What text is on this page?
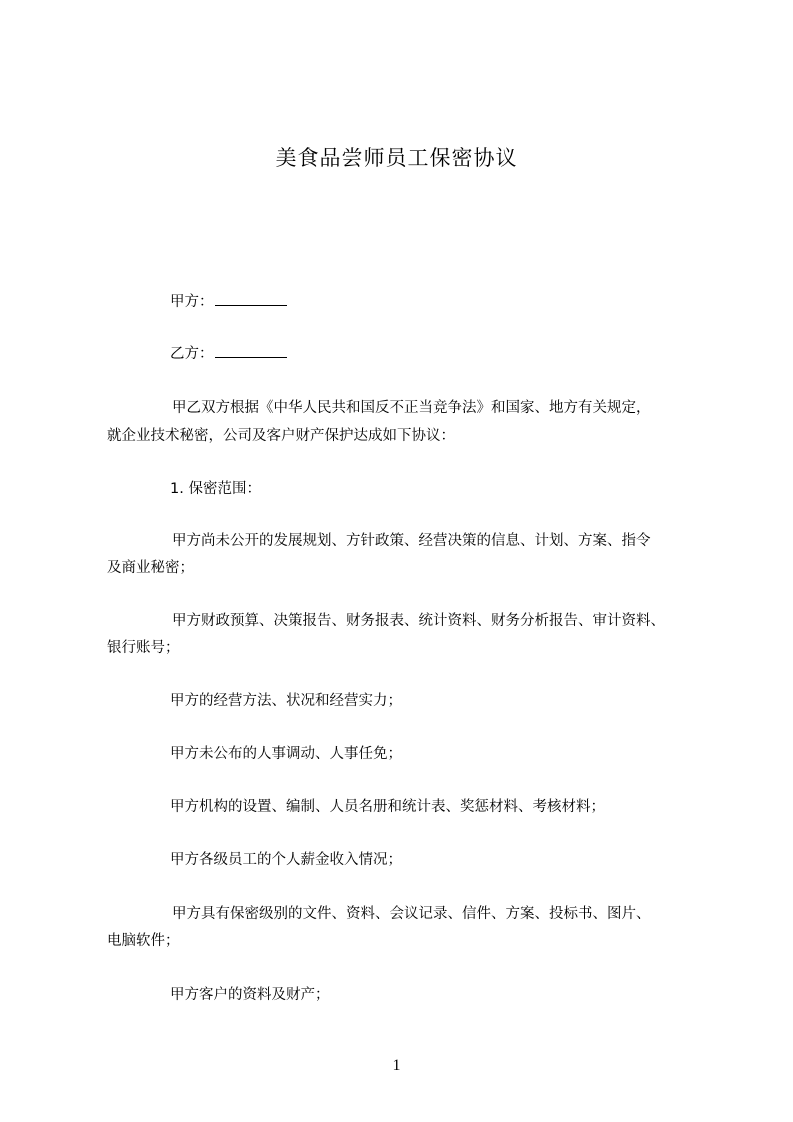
美食品尝师员工保密协议
甲方：
乙方：
甲乙双方根据《中华人民共和国反不正当竞争法》和国家、地方有关规定，
就企业技术秘密，公司及客户财产保护达成如下协议：
1. 保密范围：
甲方尚未公开的发展规划、方针政策、经营决策的信息、计划、方案、指令
及商业秘密；
甲方财政预算、决策报告、财务报表、统计资料、财务分析报告、审计资料、
银行账号；
甲方的经营方法、状况和经营实力；
甲方未公布的人事调动、人事任免；
甲方机构的设置、编制、人员名册和统计表、奖惩材料、考核材料；
甲方各级员工的个人薪金收入情况；
甲方具有保密级别的文件、资料、会议记录、信件、方案、投标书、图片、
电脑软件；
甲方客户的资料及财产；
1
